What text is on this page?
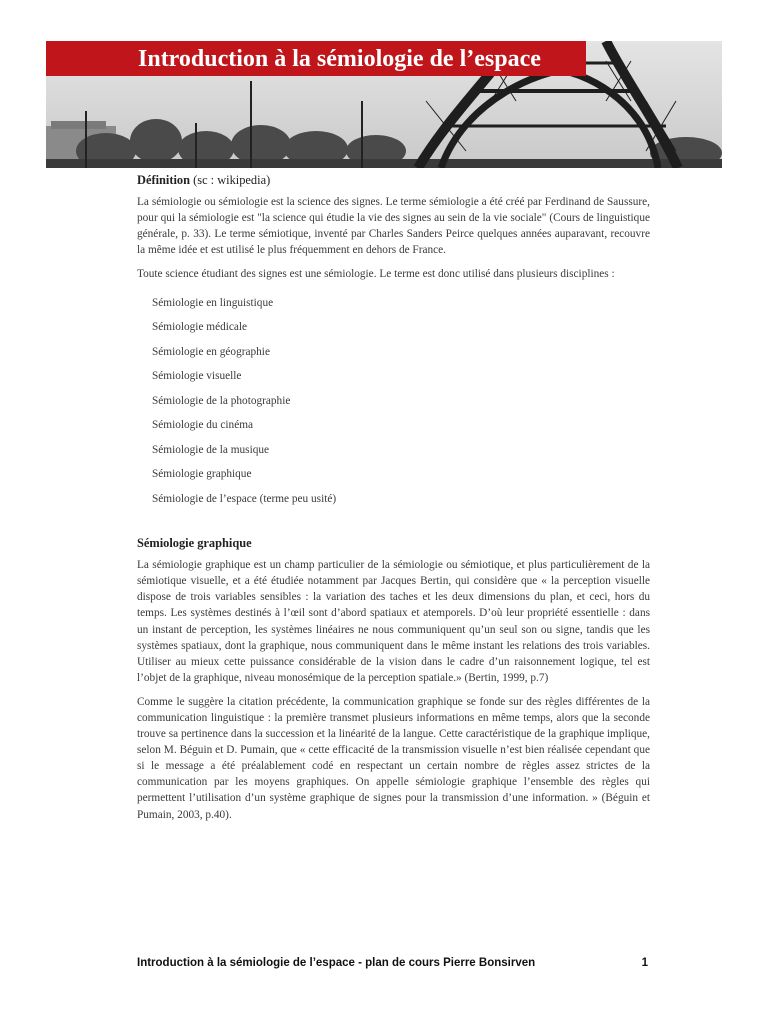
Introduction à la sémiologie de l’espace
Définition (sc : wikipedia)

La sémiologie ou sémiologie est la science des signes. Le terme sémiologie a été créé par Ferdinand de Saussure, pour qui la sémiologie est "la science qui étudie la vie des signes au sein de la vie sociale" (Cours de linguistique générale, p. 33). Le terme sémiotique, inventé par Charles Sanders Peirce quelques années auparavant, recouvre la même idée et est utilisé le plus fréquemment en dehors de France.

Toute science étudiant des signes est une sémiologie. Le terme est donc utilisé dans plusieurs disciplines :

Sémiologie en linguistique
Sémiologie médicale
Sémiologie en géographie
Sémiologie visuelle
Sémiologie de la photographie
Sémiologie du cinéma
Sémiologie de la musique
Sémiologie graphique
Sémiologie de l’espace (terme peu usité)
Sémiologie graphique

La sémiologie graphique est un champ particulier de la sémiologie ou sémiotique, et plus particulièrement de la sémiotique visuelle, et a été étudiée notamment par Jacques Bertin, qui considère que « la perception visuelle dispose de trois variables sensibles : la variation des taches et les deux dimensions du plan, et ceci, hors du temps. Les systèmes destinés à l’œil sont d’abord spatiaux et atemporels. D’où leur propriété essentielle : dans un instant de perception, les systèmes linéaires ne nous communiquent qu’un seul son ou signe, tandis que les systèmes spatiaux, dont la graphique, nous communiquent dans le même instant les relations des trois variables. Utiliser au mieux cette puissance considérable de la vision dans le cadre d’un raisonnement logique, tel est l’objet de la graphique, niveau monosémique de la perception spatiale.» (Bertin, 1999, p.7)

Comme le suggère la citation précédente, la communication graphique se fonde sur des règles différentes de la communication linguistique : la première transmet plusieurs informations en même temps, alors que la seconde trouve sa pertinence dans la succession et la linéarité de la langue. Cette caractéristique de la graphique implique, selon M. Béguin et D. Pumain, que « cette efficacité de la transmission visuelle n’est bien réalisée cependant que si le message a été préalablement codé en respectant un certain nombre de règles assez strictes de la communication par les moyens graphiques. On appelle sémiologie graphique l’ensemble des règles qui permettent l’utilisation d’un système graphique de signes pour la transmission d’une information. » (Béguin et Pumain, 2003, p.40).

Introduction à la sémiologie de l’espace - plan de cours Pierre Bonsirven	1
